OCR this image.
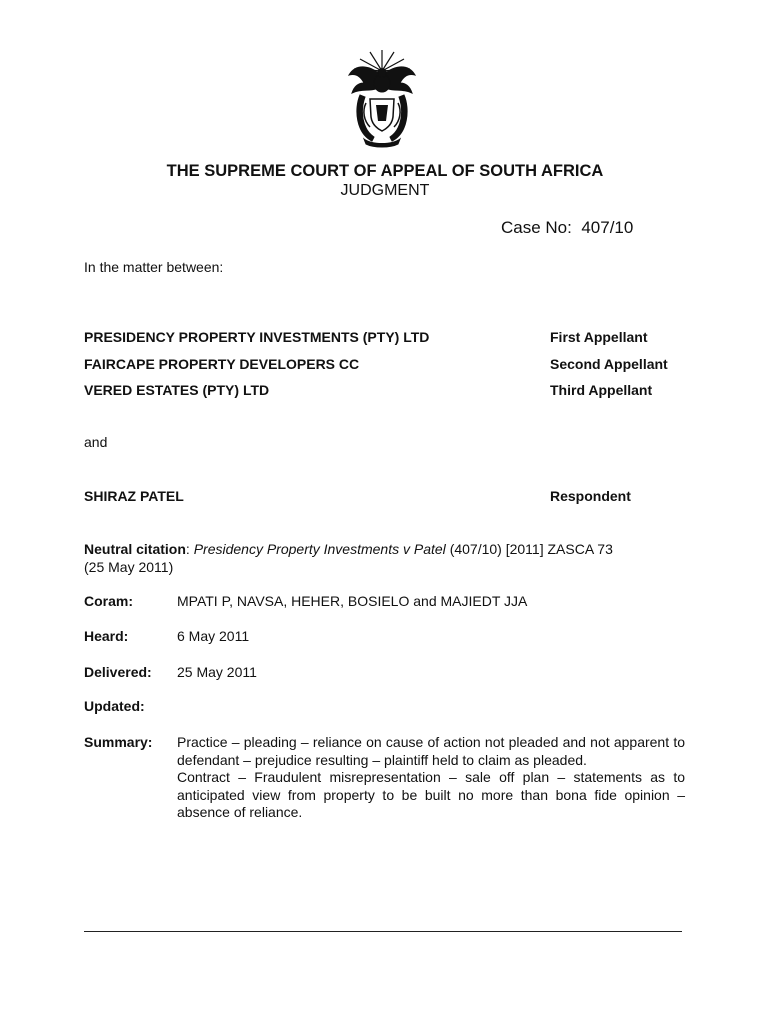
THE SUPREME COURT OF APPEAL OF SOUTH AFRICA
JUDGMENT
Case No: 407/10
In the matter between:
PRESIDENCY PROPERTY INVESTMENTS (PTY) LTD	First Appellant
FAIRCAPE PROPERTY DEVELOPERS CC	Second Appellant
VERED ESTATES (PTY) LTD	Third Appellant
and
SHIRAZ PATEL	Respondent
Neutral citation: Presidency Property Investments v Patel (407/10) [2011] ZASCA 73
(25 May 2011)
Coram:	MPATI P, NAVSA, HEHER, BOSIELO and MAJIEDT JJA
Heard:	6 May 2011
Delivered: 25 May 2011
Updated:
Summary: Practice – pleading – reliance on cause of action not pleaded and not apparent to defendant – prejudice resulting – plaintiff held to claim as pleaded.

Contract – Fraudulent misrepresentation – sale off plan – statements as to anticipated view from property to be built no more than bona fide opinion – absence of reliance.
